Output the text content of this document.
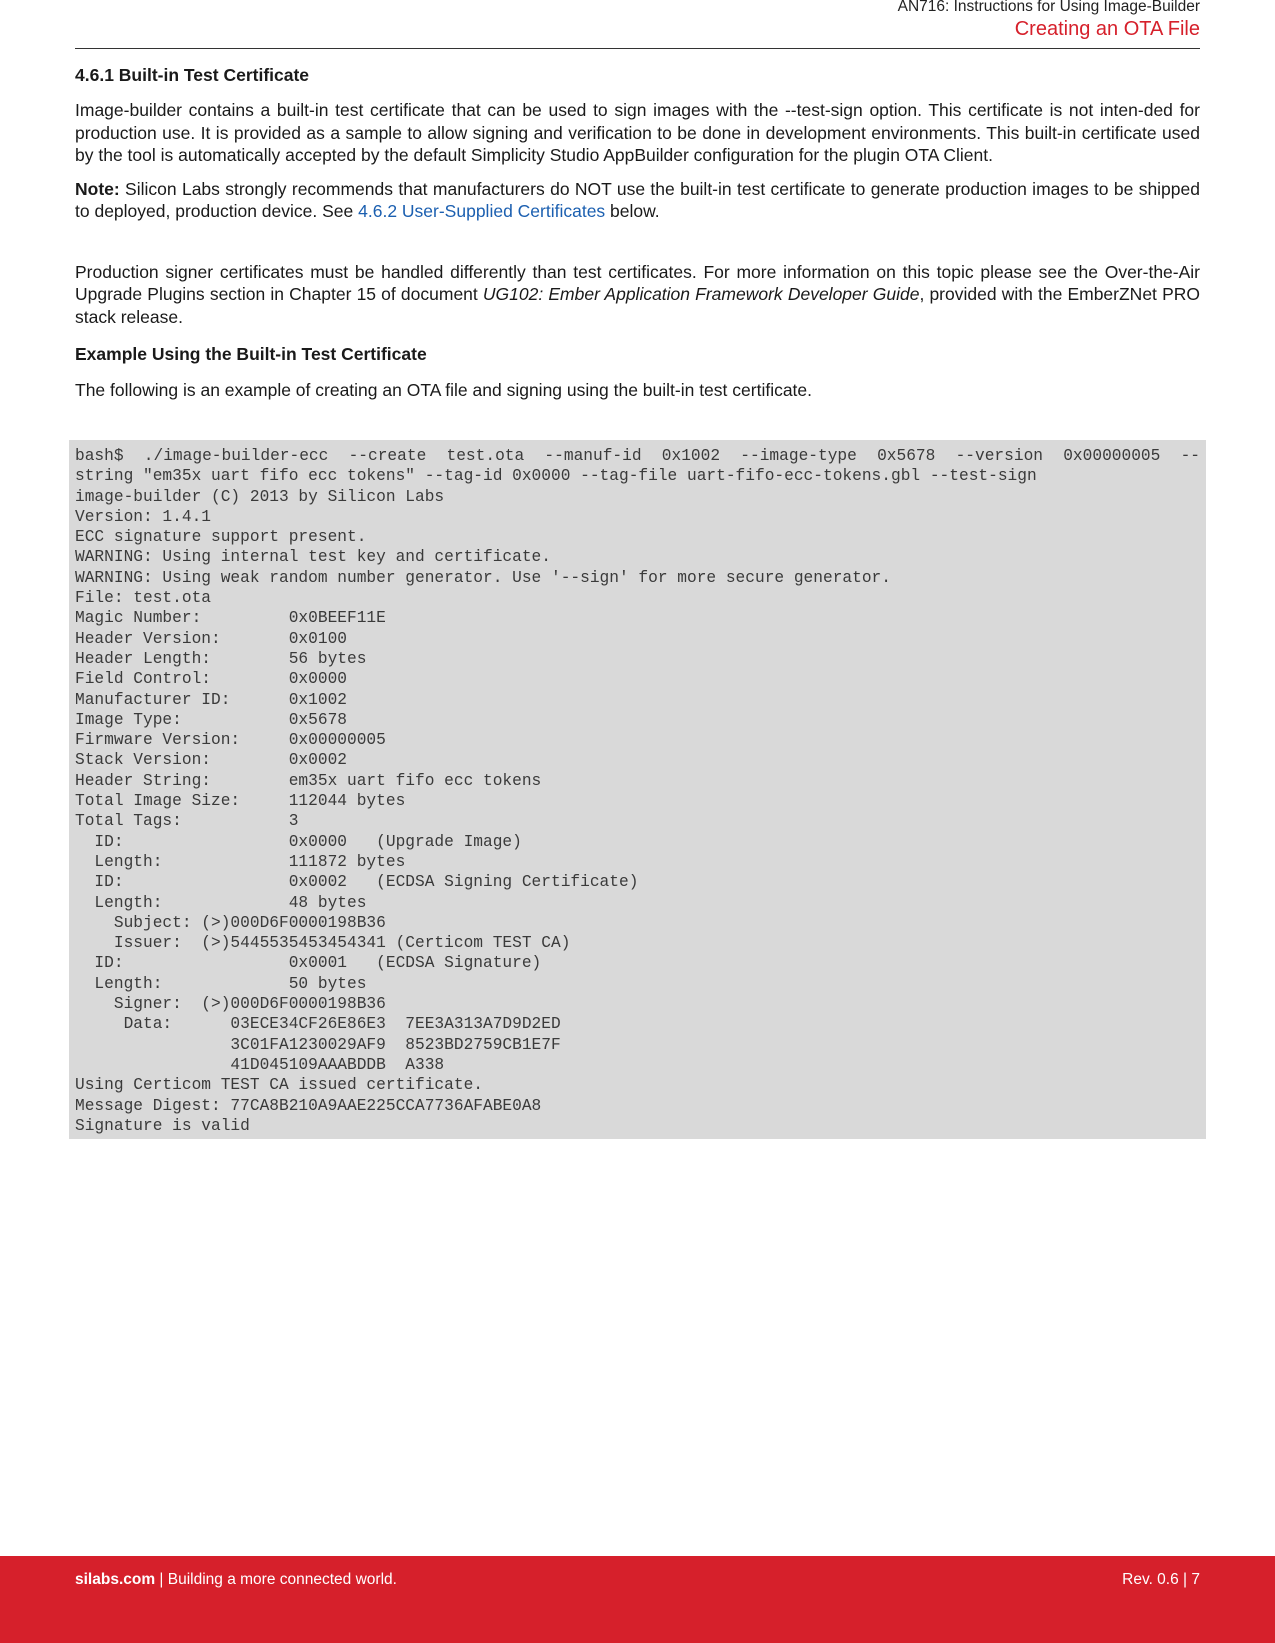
AN716: Instructions for Using Image-Builder
Creating an OTA File

4.6.1 Built-in Test Certificate

Image-builder contains a built-in test certificate that can be used to sign images with the --test-sign option. This certificate is not inten-ded for production use. It is provided as a sample to allow signing and verification to be done in development environments. This built-in certificate used by the tool is automatically accepted by the default Simplicity Studio AppBuilder configuration for the plugin OTA Client.

Note: Silicon Labs strongly recommends that manufacturers do NOT use the built-in test certificate to generate production images to be shipped to deployed, production device. See 4.6.2 User-Supplied Certificates below.

Production signer certificates must be handled differently than test certificates. For more information on this topic please see the Over-the-Air Upgrade Plugins section in Chapter 15 of document UG102: Ember Application Framework Developer Guide, provided with the EmberZNet PRO stack release.

Example Using the Built-in Test Certificate

The following is an example of creating an OTA file and signing using the built-in test certificate.

bash$ ./image-builder-ecc --create test.ota --manuf-id 0x1002 --image-type 0x5678 --version 0x00000005 --
string "em35x uart fifo ecc tokens" --tag-id 0x0000 --tag-file uart-fifo-ecc-tokens.gbl --test-sign
image-builder (C) 2013 by Silicon Labs
Version: 1.4.1
ECC signature support present.
WARNING: Using internal test key and certificate.
WARNING: Using weak random number generator. Use '--sign' for more secure generator.
File: test.ota
Magic Number:         0x0BEEF11E
Header Version:       0x0100
Header Length:        56 bytes
Field Control:        0x0000
Manufacturer ID:      0x1002
Image Type:           0x5678
Firmware Version:     0x00000005
Stack Version:        0x0002
Header String:        em35x uart fifo ecc tokens
Total Image Size:     112044 bytes
Total Tags:           3
ID:                 0x0000   (Upgrade Image)
Length:             111872 bytes
ID:                 0x0002   (ECDSA Signing Certificate)
Length:             48 bytes
Subject: (>)000D6F0000198B36
Issuer:  (>)5445535453454341 (Certicom TEST CA)
ID:                 0x0001   (ECDSA Signature)
Length:             50 bytes
Signer:  (>)000D6F0000198B36
Data:      03ECE34CF26E86E3  7EE3A313A7D9D2ED
3C01FA1230029AF9  8523BD2759CB1E7F
41D045109AAABDDB  A338
Using Certicom TEST CA issued certificate.
Message Digest: 77CA8B210A9AAE225CCA7736AFABE0A8
Signature is valid
silabs.com | Building a more connected world.	Rev. 0.6 | 7
